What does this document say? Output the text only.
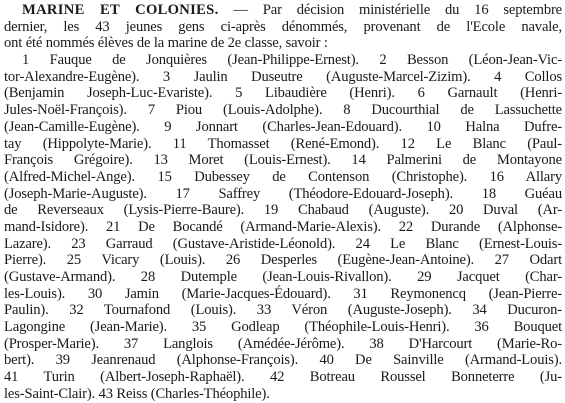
MARINE ET COLONIES. — Par décision ministérielle du 16 septembre
dernier, les 43 jeunes gens ci-après dénommés, provenant de l'Ecole navale,
ont été nommés élèves de la marine de 2e classe, savoir :
1 Fauque de Jonquières (Jean-Philippe-Ernest). 2 Besson (Léon-Jean-Vic-
tor-Alexandre-Eugène). 3 Jaulin Duseutre (Auguste-Marcel-Zizim). 4 Collos
(Benjamin Joseph-Luc-Evariste). 5 Libaudière (Henri). 6 Garnault (Henri-
Jules-Noël-François). 7 Piou (Louis-Adolphe). 8 Ducourthial de Lassuchette
(Jean-Camille-Eugène). 9 Jonnart (Charles-Jean-Edouard). 10 Halna Dufre-
tay (Hippolyte-Marie). 11 Thomasset (René-Emond). 12 Le Blanc (Paul-
François Grégoire). 13 Moret (Louis-Ernest). 14 Palmerini de Montayone
(Alfred-Michel-Ange). 15 Dubessey de Contenson (Christophe). 16 Allary
(Joseph-Marie-Auguste). 17 Saffrey (Théodore-Edouard-Joseph). 18 Guéau
de Reverseaux (Lysis-Pierre-Baure). 19 Chabaud (Auguste). 20 Duval (Ar-
mand-Isidore). 21 De Bocandé (Armand-Marie-Alexis). 22 Durande (Alphonse-
Lazare). 23 Garraud (Gustave-Aristide-Léonold). 24 Le Blanc (Ernest-Louis-
Pierre). 25 Vicary (Louis). 26 Desperles (Eugène-Jean-Antoine). 27 Odart
(Gustave-Armand). 28 Dutemple (Jean-Louis-Rivallon). 29 Jacquet (Char-
les-Louis). 30 Jamin (Marie-Jacques-Édouard). 31 Reymonencq (Jean-Pierre-
Paulin). 32 Tournafond (Louis). 33 Véron (Auguste-Joseph). 34 Ducuron-
Lagongine (Jean-Marie). 35 Godleap (Théophile-Louis-Henri). 36 Bouquet
(Prosper-Marie). 37 Langlois (Amédée-Jérôme). 38 D'Harcourt (Marie-Ro-
bert). 39 Jeanrenaud (Alphonse-François). 40 De Sainville (Armand-Louis).
41 Turin (Albert-Joseph-Raphaël). 42 Botreau Roussel Bonneterre (Ju-
les-Saint-Clair). 43 Reiss (Charles-Théophile).
